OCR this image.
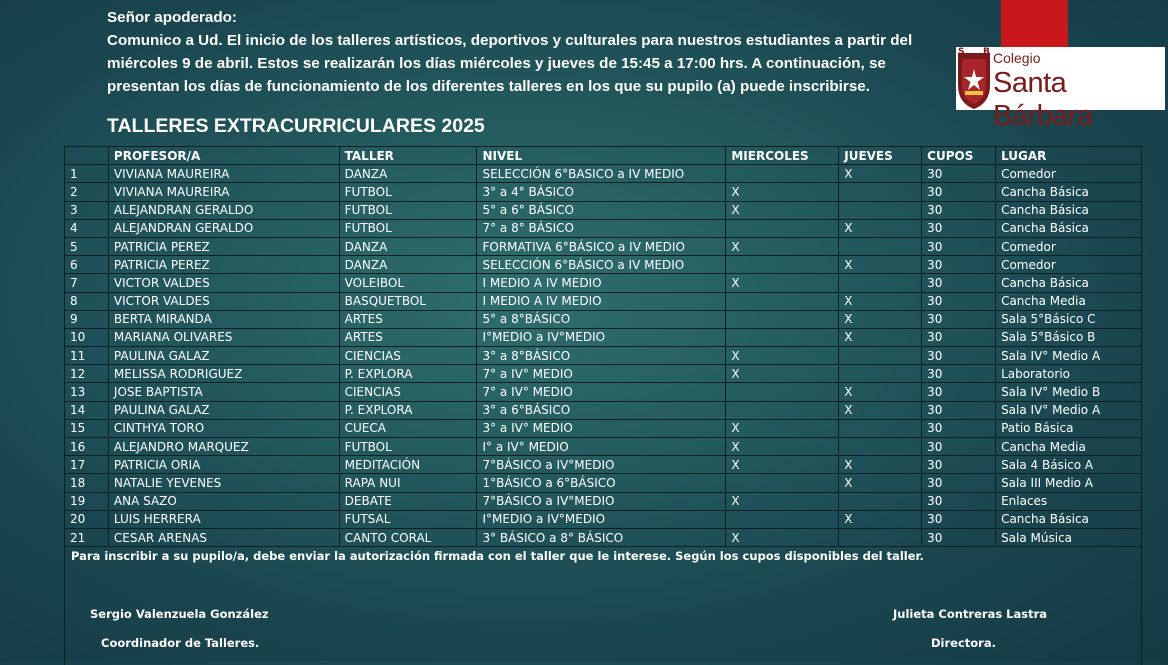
S B Colegio
Santa Bárbara

Señor apoderado:

Comunico a Ud. El inicio de los talleres artísticos, deportivos y culturales para nuestros estudiantes a partir del miércoles 9 de abril. Estos se realizarán los días miércoles y jueves de 15:45 a 17:00 hrs. A continuación, se presentan los días de funcionamiento de los diferentes talleres en los que su pupilo (a) puede inscribirse.

TALLERES EXTRACURRICULARES 2025
	PROFESOR/A	TALLER	NIVEL	MIERCOLES	JUEVES	CUPOS	LUGAR
1	VIVIANA MAUREIRA	DANZA	SELECCIÓN 6°BASICO a IV MEDIO		X	30	Comedor
2	VIVIANA MAUREIRA	FUTBOL	3° a 4° BÁSICO	X		30	Cancha Básica
3	ALEJANDRAN GERALDO	FUTBOL	5° a 6° BÁSICO	X		30	Cancha Básica
4	ALEJANDRAN GERALDO	FUTBOL	7° a 8° BÁSICO		X	30	Cancha Básica
5	PATRICIA PEREZ	DANZA	FORMATIVA 6°BÁSICO a IV MEDIO	X		30	Comedor
6	PATRICIA PEREZ	DANZA	SELECCIÓN 6°BÁSICO a IV MEDIO		X	30	Comedor
7	VICTOR VALDES	VOLEIBOL	I MEDIO A IV MEDIO	X		30	Cancha Básica
8	VICTOR VALDES	BASQUETBOL	I MEDIO A IV MEDIO		X	30	Cancha Media
9	BERTA MIRANDA	ARTES	5° a 8°BÁSICO		X	30	Sala 5°Básico C
10	MARIANA OLIVARES	ARTES	I°MEDIO a IV°MEDIO		X	30	Sala 5°Básico B
11	PAULINA GALAZ	CIENCIAS	3° a 8°BÁSICO	X		30	Sala IV° Medio A
12	MELISSA RODRIGUEZ	P. EXPLORA	7° a IV° MEDIO	X		30	Laboratorio
13	JOSE BAPTISTA	CIENCIAS	7° a IV° MEDIO		X	30	Sala IV° Medio B
14	PAULINA GALAZ	P. EXPLORA	3° a 6°BÁSICO		X	30	Sala IV° Medio A
15	CINTHYA TORO	CUECA	3° a IV° MEDIO	X		30	Patio Básica
16	ALEJANDRO MARQUEZ	FUTBOL	I° a IV° MEDIO	X		30	Cancha Media
17	PATRICIA ORIA	MEDITACIÓN	7°BÁSICO a IV°MEDIO	X	X	30	Sala 4 Básico A
18	NATALIE YEVENES	RAPA NUI	1°BÁSICO a 6°BÁSICO		X	30	Sala III Medio A
19	ANA SAZO	DEBATE	7°BÁSICO a IV°MEDIO	X		30	Enlaces
20	LUIS HERRERA	FUTSAL	I°MEDIO a IV°MEDIO		X	30	Cancha Básica
21	CESAR ARENAS	CANTO CORAL	3° BÁSICO a 8° BÁSICO	X		30	Sala Música
Para inscribir a su pupilo/a, debe enviar la autorización firmada con el taller que le interese. Según los cupos disponibles del taller.
Sergio Valenzuela González
Coordinador de Talleres.
Julieta Contreras Lastra
Directora.
